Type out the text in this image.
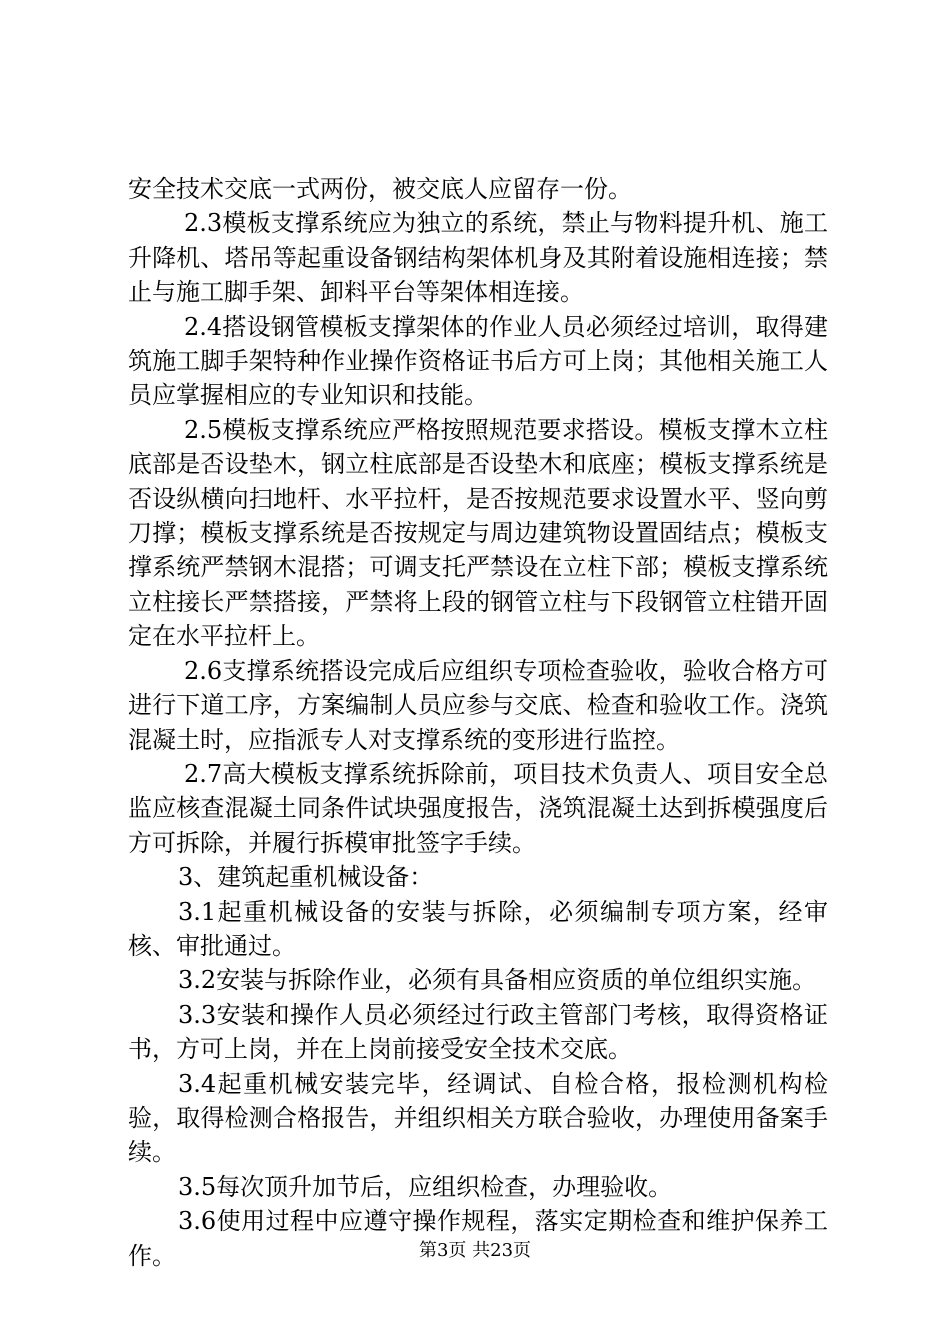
安全技术交底一式两份，被交底人应留存一份。

2.3模板支撑系统应为独立的系统，禁止与物料提升机、施工升降机、塔吊等起重设备钢结构架体机身及其附着设施相连接；禁止与施工脚手架、卸料平台等架体相连接。

2.4搭设钢管模板支撑架体的作业人员必须经过培训，取得建筑施工脚手架特种作业操作资格证书后方可上岗；其他相关施工人员应掌握相应的专业知识和技能。

2.5模板支撑系统应严格按照规范要求搭设。模板支撑木立柱底部是否设垫木，钢立柱底部是否设垫木和底座；模板支撑系统是否设纵横向扫地杆、水平拉杆，是否按规范要求设置水平、竖向剪刀撑；模板支撑系统是否按规定与周边建筑物设置固结点；模板支撑系统严禁钢木混搭；可调支托严禁设在立柱下部；模板支撑系统立柱接长严禁搭接，严禁将上段的钢管立柱与下段钢管立柱错开固定在水平拉杆上。

2.6支撑系统搭设完成后应组织专项检查验收，验收合格方可进行下道工序，方案编制人员应参与交底、检查和验收工作。浇筑混凝土时，应指派专人对支撑系统的变形进行监控。

2.7高大模板支撑系统拆除前，项目技术负责人、项目安全总监应核查混凝土同条件试块强度报告，浇筑混凝土达到拆模强度后方可拆除，并履行拆模审批签字手续。

3、建筑起重机械设备：

3.1起重机械设备的安装与拆除，必须编制专项方案，经审核、审批通过。

3.2安装与拆除作业，必须有具备相应资质的单位组织实施。

3.3安装和操作人员必须经过行政主管部门考核，取得资格证书，方可上岗，并在上岗前接受安全技术交底。

3.4起重机械安装完毕，经调试、自检合格，报检测机构检验，取得检测合格报告，并组织相关方联合验收，办理使用备案手续。

3.5每次顶升加节后，应组织检查，办理验收。

3.6使用过程中应遵守操作规程，落实定期检查和维护保养工作。	第3页 共23页
